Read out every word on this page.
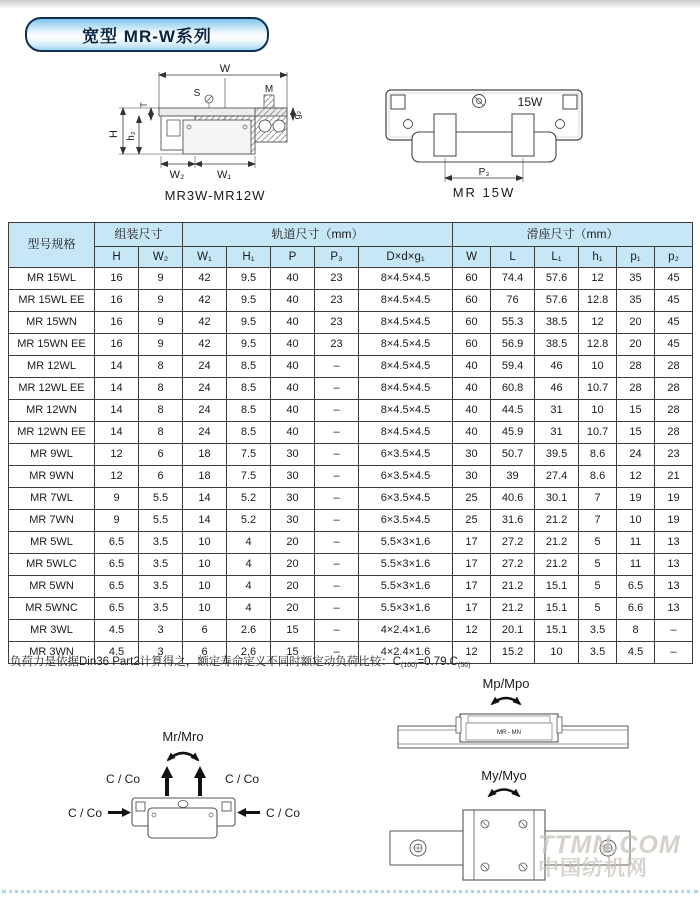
宽型 MR-W系列
W
S	M
H h₂
T
g₂
W₂	W₁
MR3W-MR12W
15W
P₃
MR 15W
型号规格	组装尺寸		轨道尺寸（mm）					滑座尺寸（mm）					
	H	W₂	W₁	H₁	P	P₃	D×d×g₁	W	L	L₁	h₁	p₁	p₂
MR 15WL	16	9	42	9.5	40	23	8×4.5×4.5	60	74.4	57.6	12	35	45
MR 15WL EE	16	9	42	9.5	40	23	8×4.5×4.5	60	76	57.6	12.8	35	45
MR 15WN	16	9	42	9.5	40	23	8×4.5×4.5	60	55.3	38.5	12	20	45
MR 15WN EE	16	9	42	9.5	40	23	8×4.5×4.5	60	56.9	38.5	12.8	20	45
MR 12WL	14	8	24	8.5	40	–	8×4.5×4.5	40	59.4	46	10	28	28
MR 12WL EE	14	8	24	8.5	40	–	8×4.5×4.5	40	60.8	46	10.7	28	28
MR 12WN	14	8	24	8.5	40	–	8×4.5×4.5	40	44.5	31	10	15	28
MR 12WN EE	14	8	24	8.5	40	–	8×4.5×4.5	40	45.9	31	10.7	15	28
MR 9WL	12	6	18	7.5	30	–	6×3.5×4.5	30	50.7	39.5	8.6	24	23
MR 9WN	12	6	18	7.5	30	–	6×3.5×4.5	30	39	27.4	8.6	12	21
MR 7WL	9	5.5	14	5.2	30	–	6×3.5×4.5	25	40.6	30.1	7	19	19
MR 7WN	9	5.5	14	5.2	30	–	6×3.5×4.5	25	31.6	21.2	7	10	19
MR 5WL	6.5	3.5	10	4	20	–	5.5×3×1.6	17	27.2	21.2	5	11	13
MR 5WLC	6.5	3.5	10	4	20	–	5.5×3×1.6	17	27.2	21.2	5	11	13
MR 5WN	6.5	3.5	10	4	20	–	5.5×3×1.6	17	21.2	15.1	5	6.5	13
MR 5WNC	6.5	3.5	10	4	20	–	5.5×3×1.6	17	21.2	15.1	5	6.6	13
MR 3WL	4.5	3	6	2.6	15	–	4×2.4×1.6	12	20.1	15.1	3.5	8	–
MR 3WN	4.5	3	6	2.6	15	–	4×2.4×1.6	12	15.2	10	3.5	4.5	–
负荷力是依据Din36 Part2计算得之，额定寿命定义不同时额定动负荷比较：C(100)=0.79.C(50)
C / Co	C / Co
Mr/Mro
C / Co	C / Co
Mp/Mpo
MR - MN
My/Myo
TTMN.COM
中国纺机网
